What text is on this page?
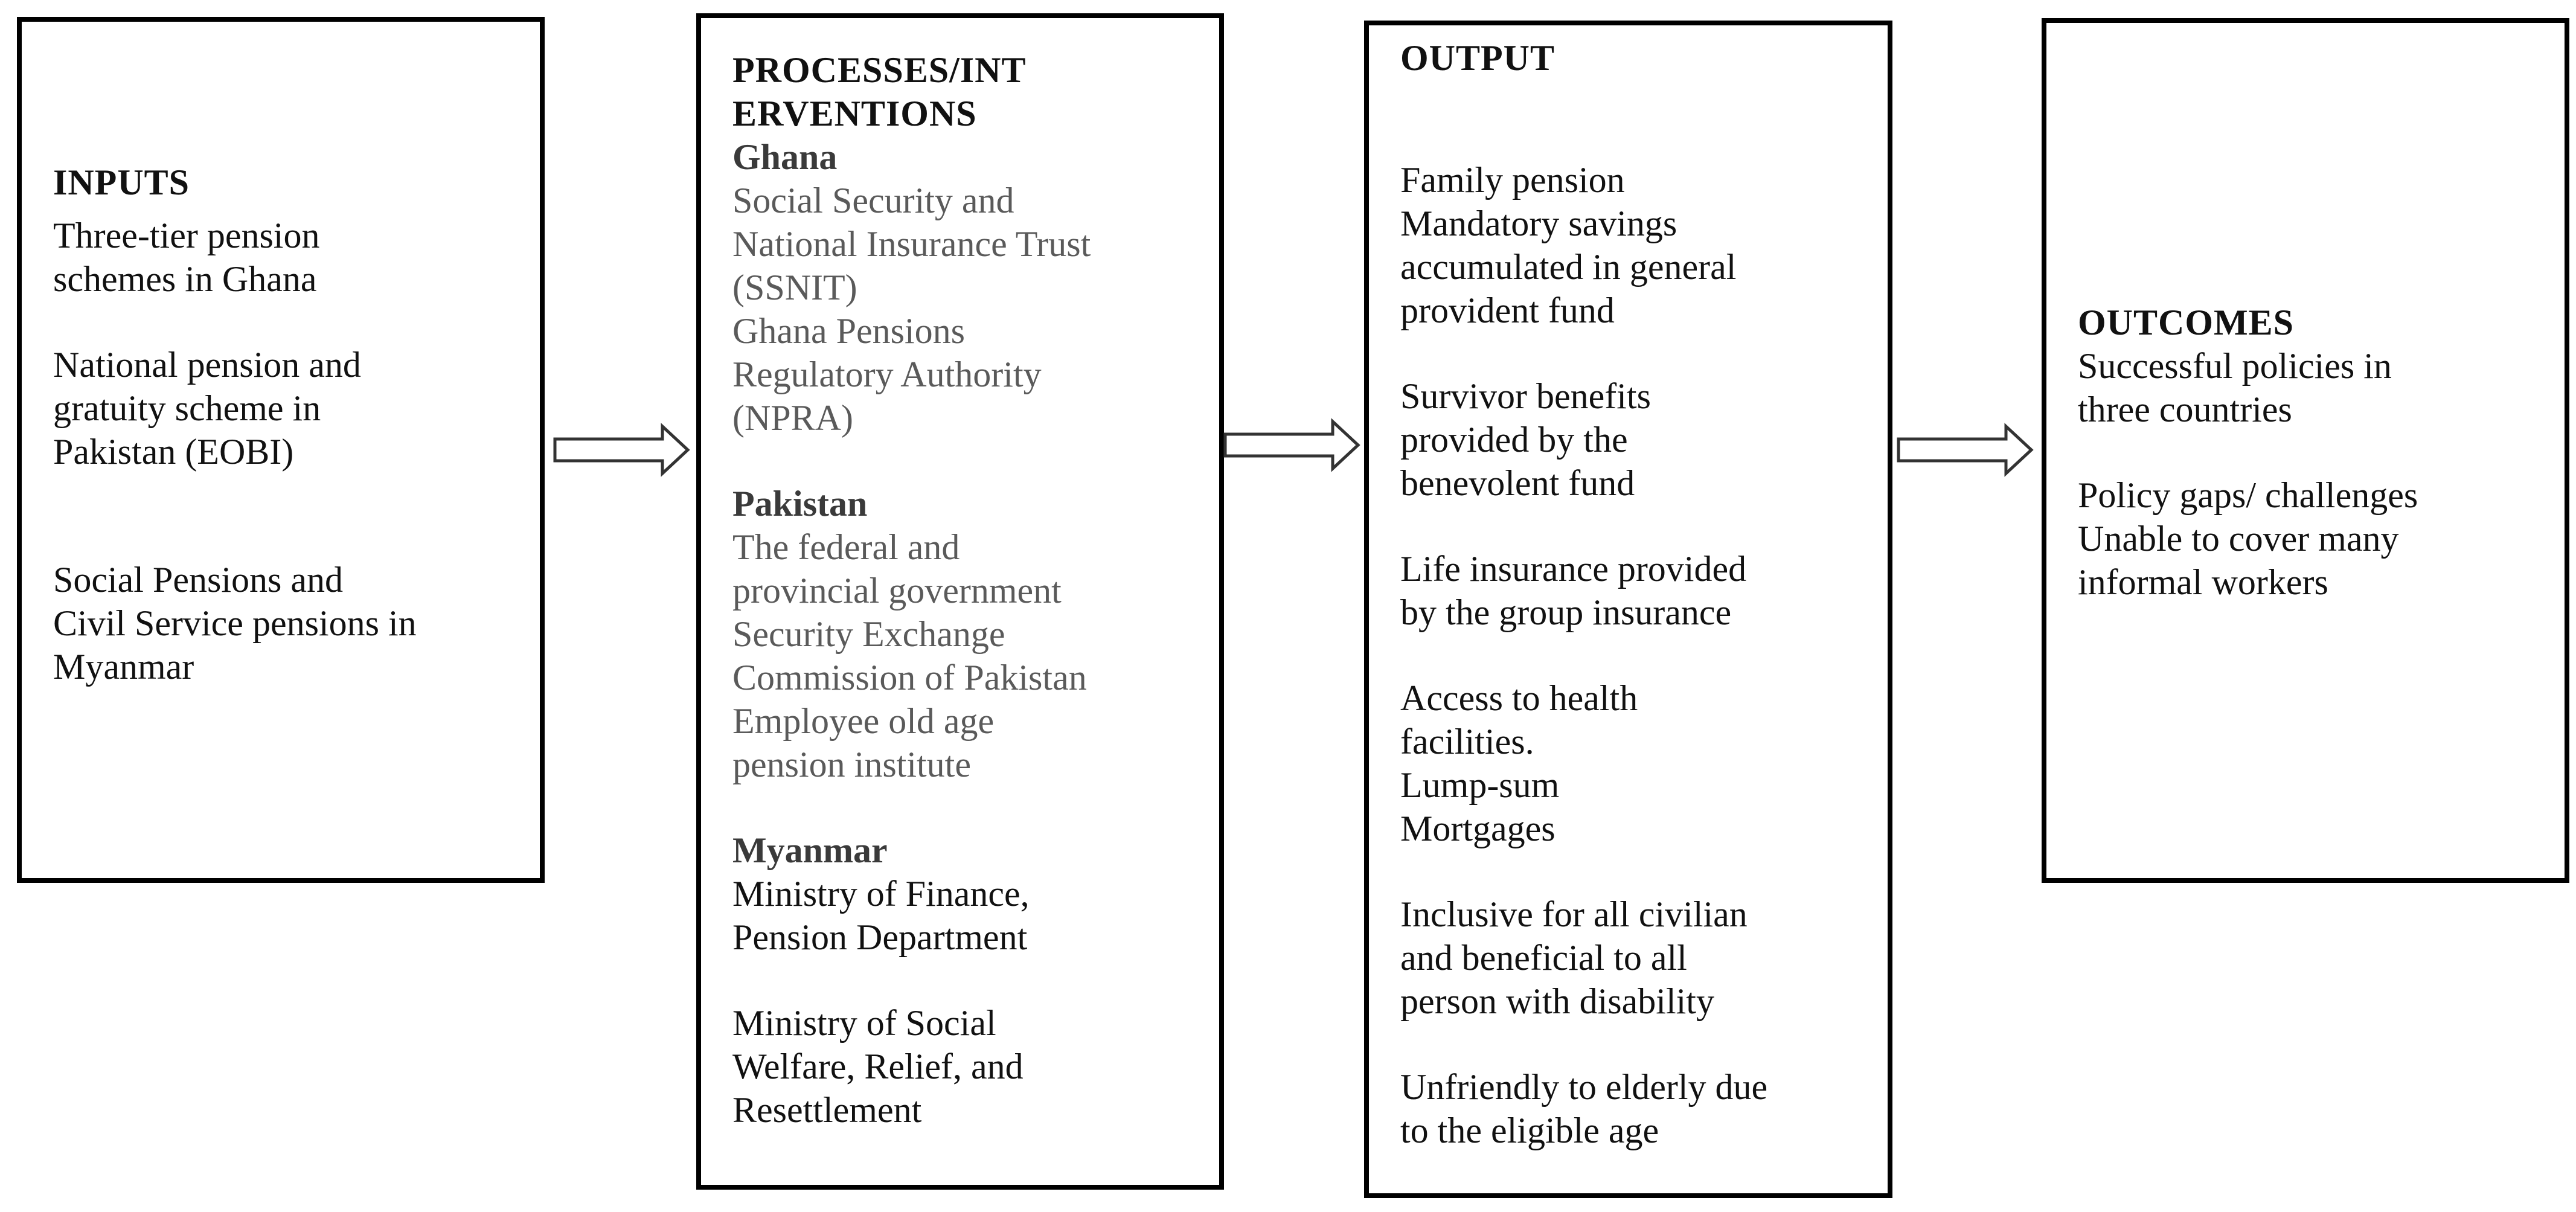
INPUTS
Three-tier pension
schemes in Ghana
National pension and
gratuity scheme in
Pakistan (EOBI)
Social Pensions and
Civil Service pensions in
Myanmar
PROCESSES/INT
ERVENTIONS
Ghana
Social Security and
National Insurance Trust
(SSNIT)
Ghana Pensions
Regulatory Authority
(NPRA)
Pakistan
The federal and
provincial government
Security Exchange
Commission of Pakistan
Employee old age
pension institute
Myanmar
Ministry of Finance,
Pension Department
Ministry of Social
Welfare, Relief, and
Resettlement
OUTPUT
Family pension
Mandatory savings
accumulated in general
provident fund
Survivor benefits
provided by the
benevolent fund
Life insurance provided
by the group insurance
Access to health
facilities.
Lump-sum
Mortgages
Inclusive for all civilian
and beneficial to all
person with disability
Unfriendly to elderly due
to the eligible age
OUTCOMES
Successful policies in
three countries
Policy gaps/ challenges
Unable to cover many
informal workers
